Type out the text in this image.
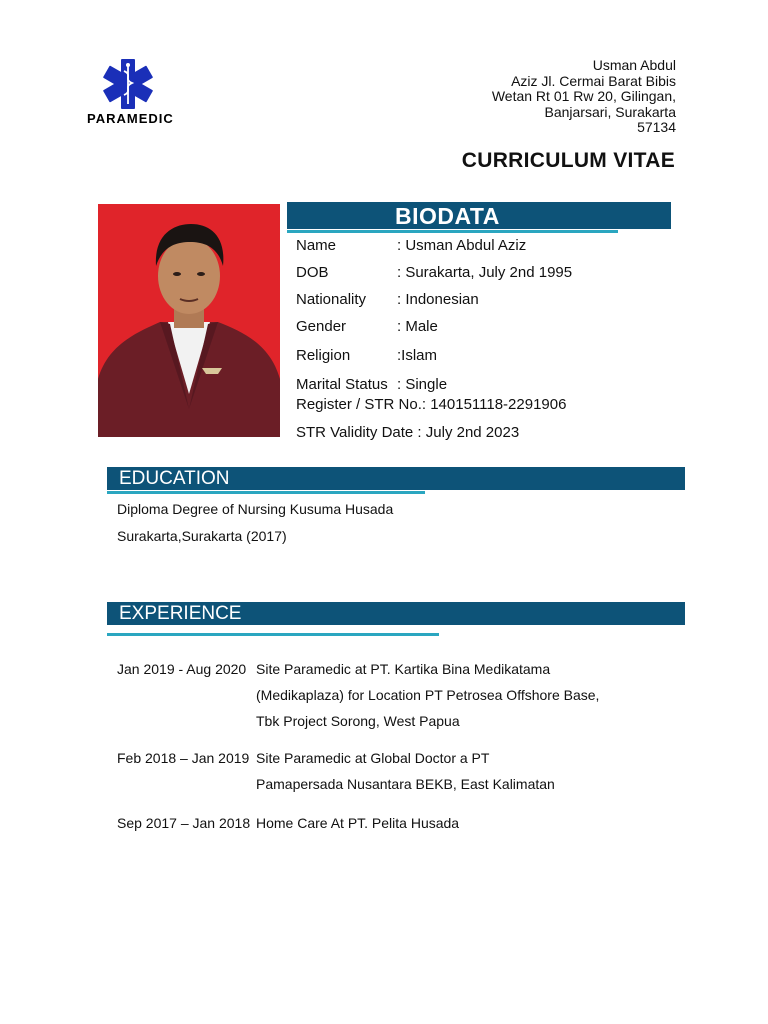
PARAMEDIC
Usman Abdul
Aziz Jl. Cermai Barat Bibis
Wetan Rt 01 Rw 20, Gilingan,
Banjarsari, Surakarta
57134
CURRICULUM VITAE
BIODATA
Name	: Usman Abdul Aziz
DOB	: Surakarta, July 2nd 1995
Nationality : Indonesian
Gender	: Male
Religion	:Islam
Marital Status : Single
Register / STR No.: 140151118-2291906
STR Validity Date : July 2nd 2023
EDUCATION
Diploma Degree of Nursing Kusuma Husada
Surakarta,Surakarta (2017)
EXPERIENCE
Jan 2019 - Aug 2020 Site Paramedic at PT. Kartika Bina Medikatama
(Medikaplaza) for Location PT Petrosea Offshore Base,
Tbk Project Sorong, West Papua
Feb 2018 – Jan 2019 Site Paramedic at Global Doctor a PT
Pamapersada Nusantara BEKB, East Kalimatan
Sep 2017 – Jan 2018 Home Care At PT. Pelita Husada
